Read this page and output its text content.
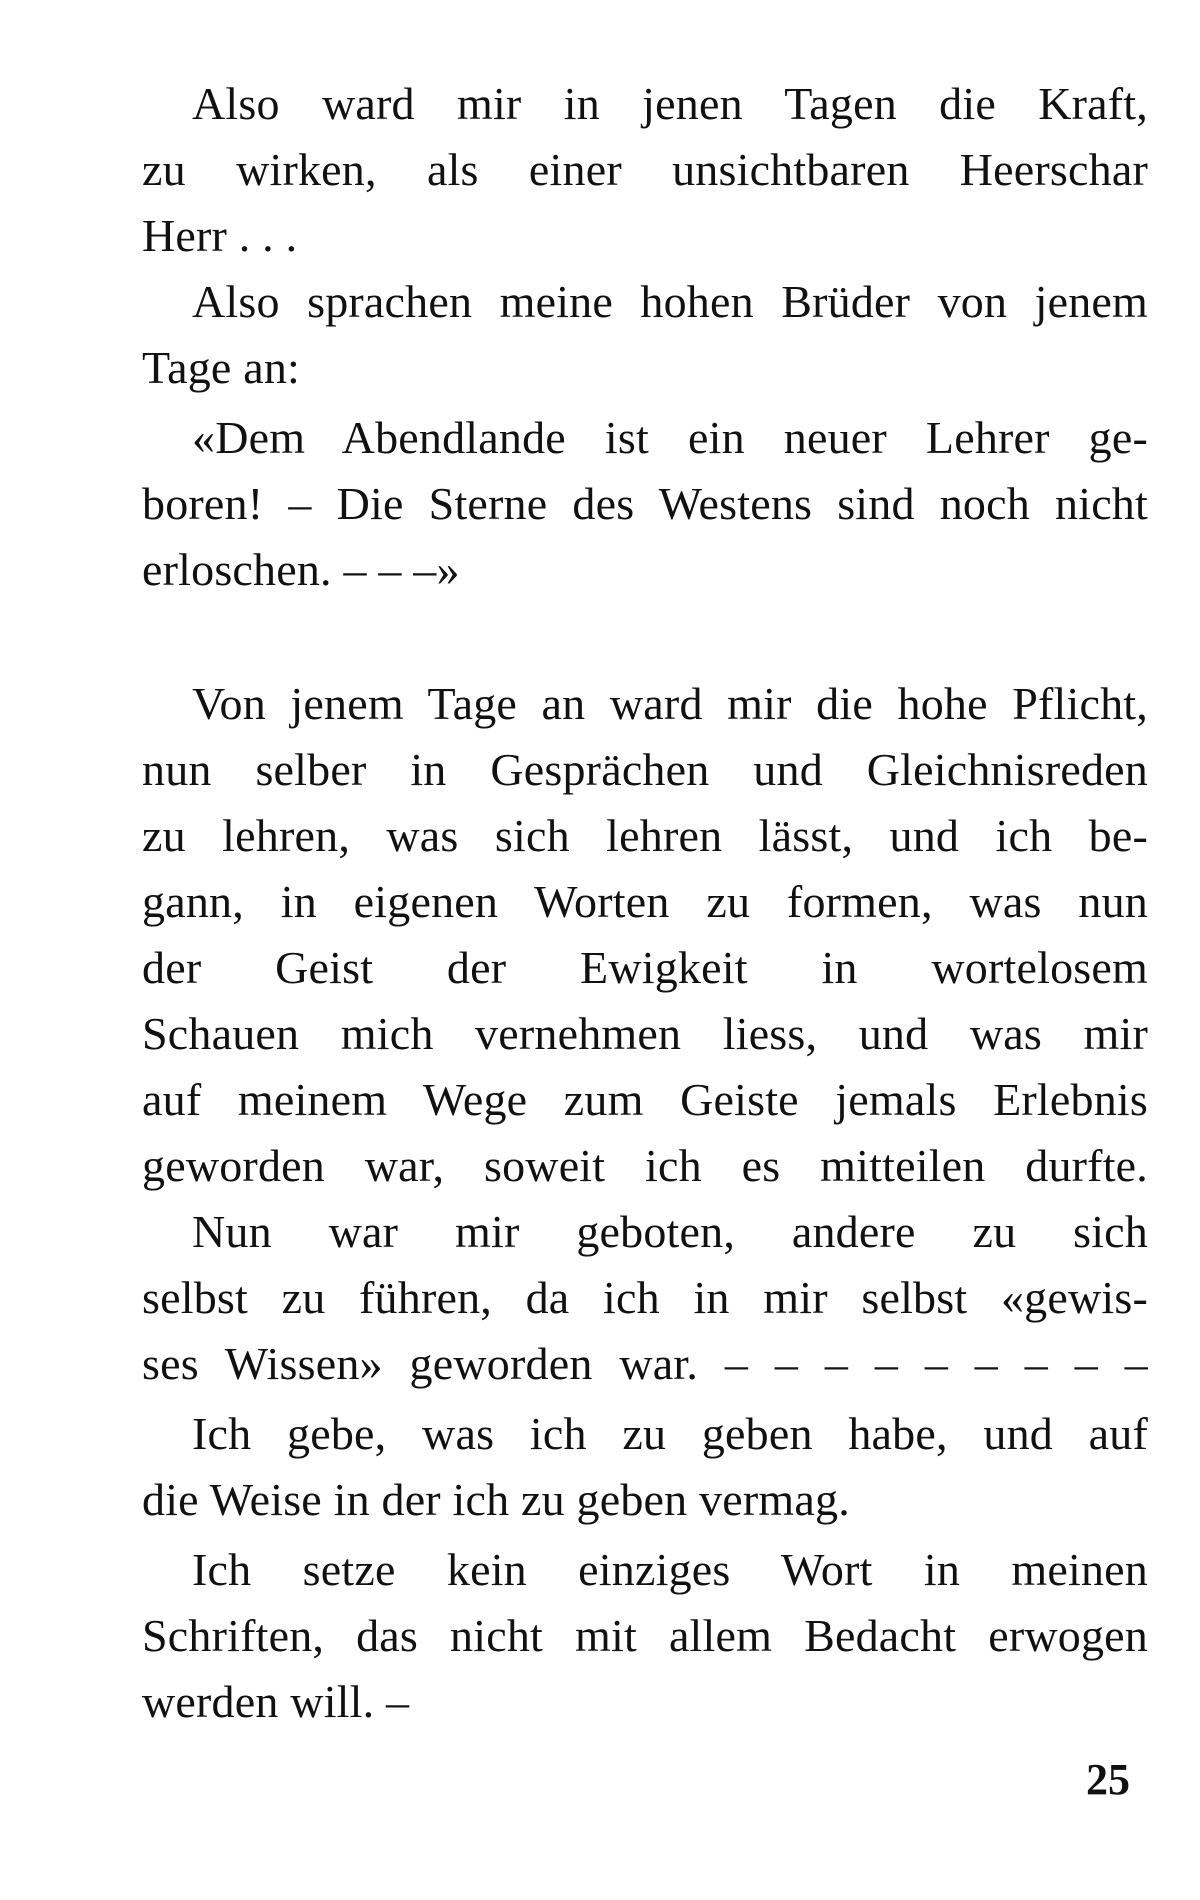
Also ward mir in jenen Tagen die Kraft,
zu wirken, als einer unsichtbaren Heerschar
Herr . . .
Also sprachen meine hohen Brüder von jenem
Tage an:
«Dem Abendlande ist ein neuer Lehrer ge-
boren! – Die Sterne des Westens sind noch nicht
erloschen. – – –»
Von jenem Tage an ward mir die hohe Pflicht,
nun selber in Gesprächen und Gleichnisreden
zu lehren, was sich lehren lässt, und ich be-
gann, in eigenen Worten zu formen, was nun
der Geist der Ewigkeit in wortelosem
Schauen mich vernehmen liess, und was mir
auf meinem Wege zum Geiste jemals Erlebnis
geworden war, soweit ich es mitteilen durfte.
Nun war mir geboten, andere zu sich
selbst zu führen, da ich in mir selbst «gewis-
ses Wissen» geworden war. – – – – – – – – –
Ich gebe, was ich zu geben habe, und auf
die Weise in der ich zu geben vermag.
Ich setze kein einziges Wort in meinen
Schriften, das nicht mit allem Bedacht erwogen
werden will. –
25
